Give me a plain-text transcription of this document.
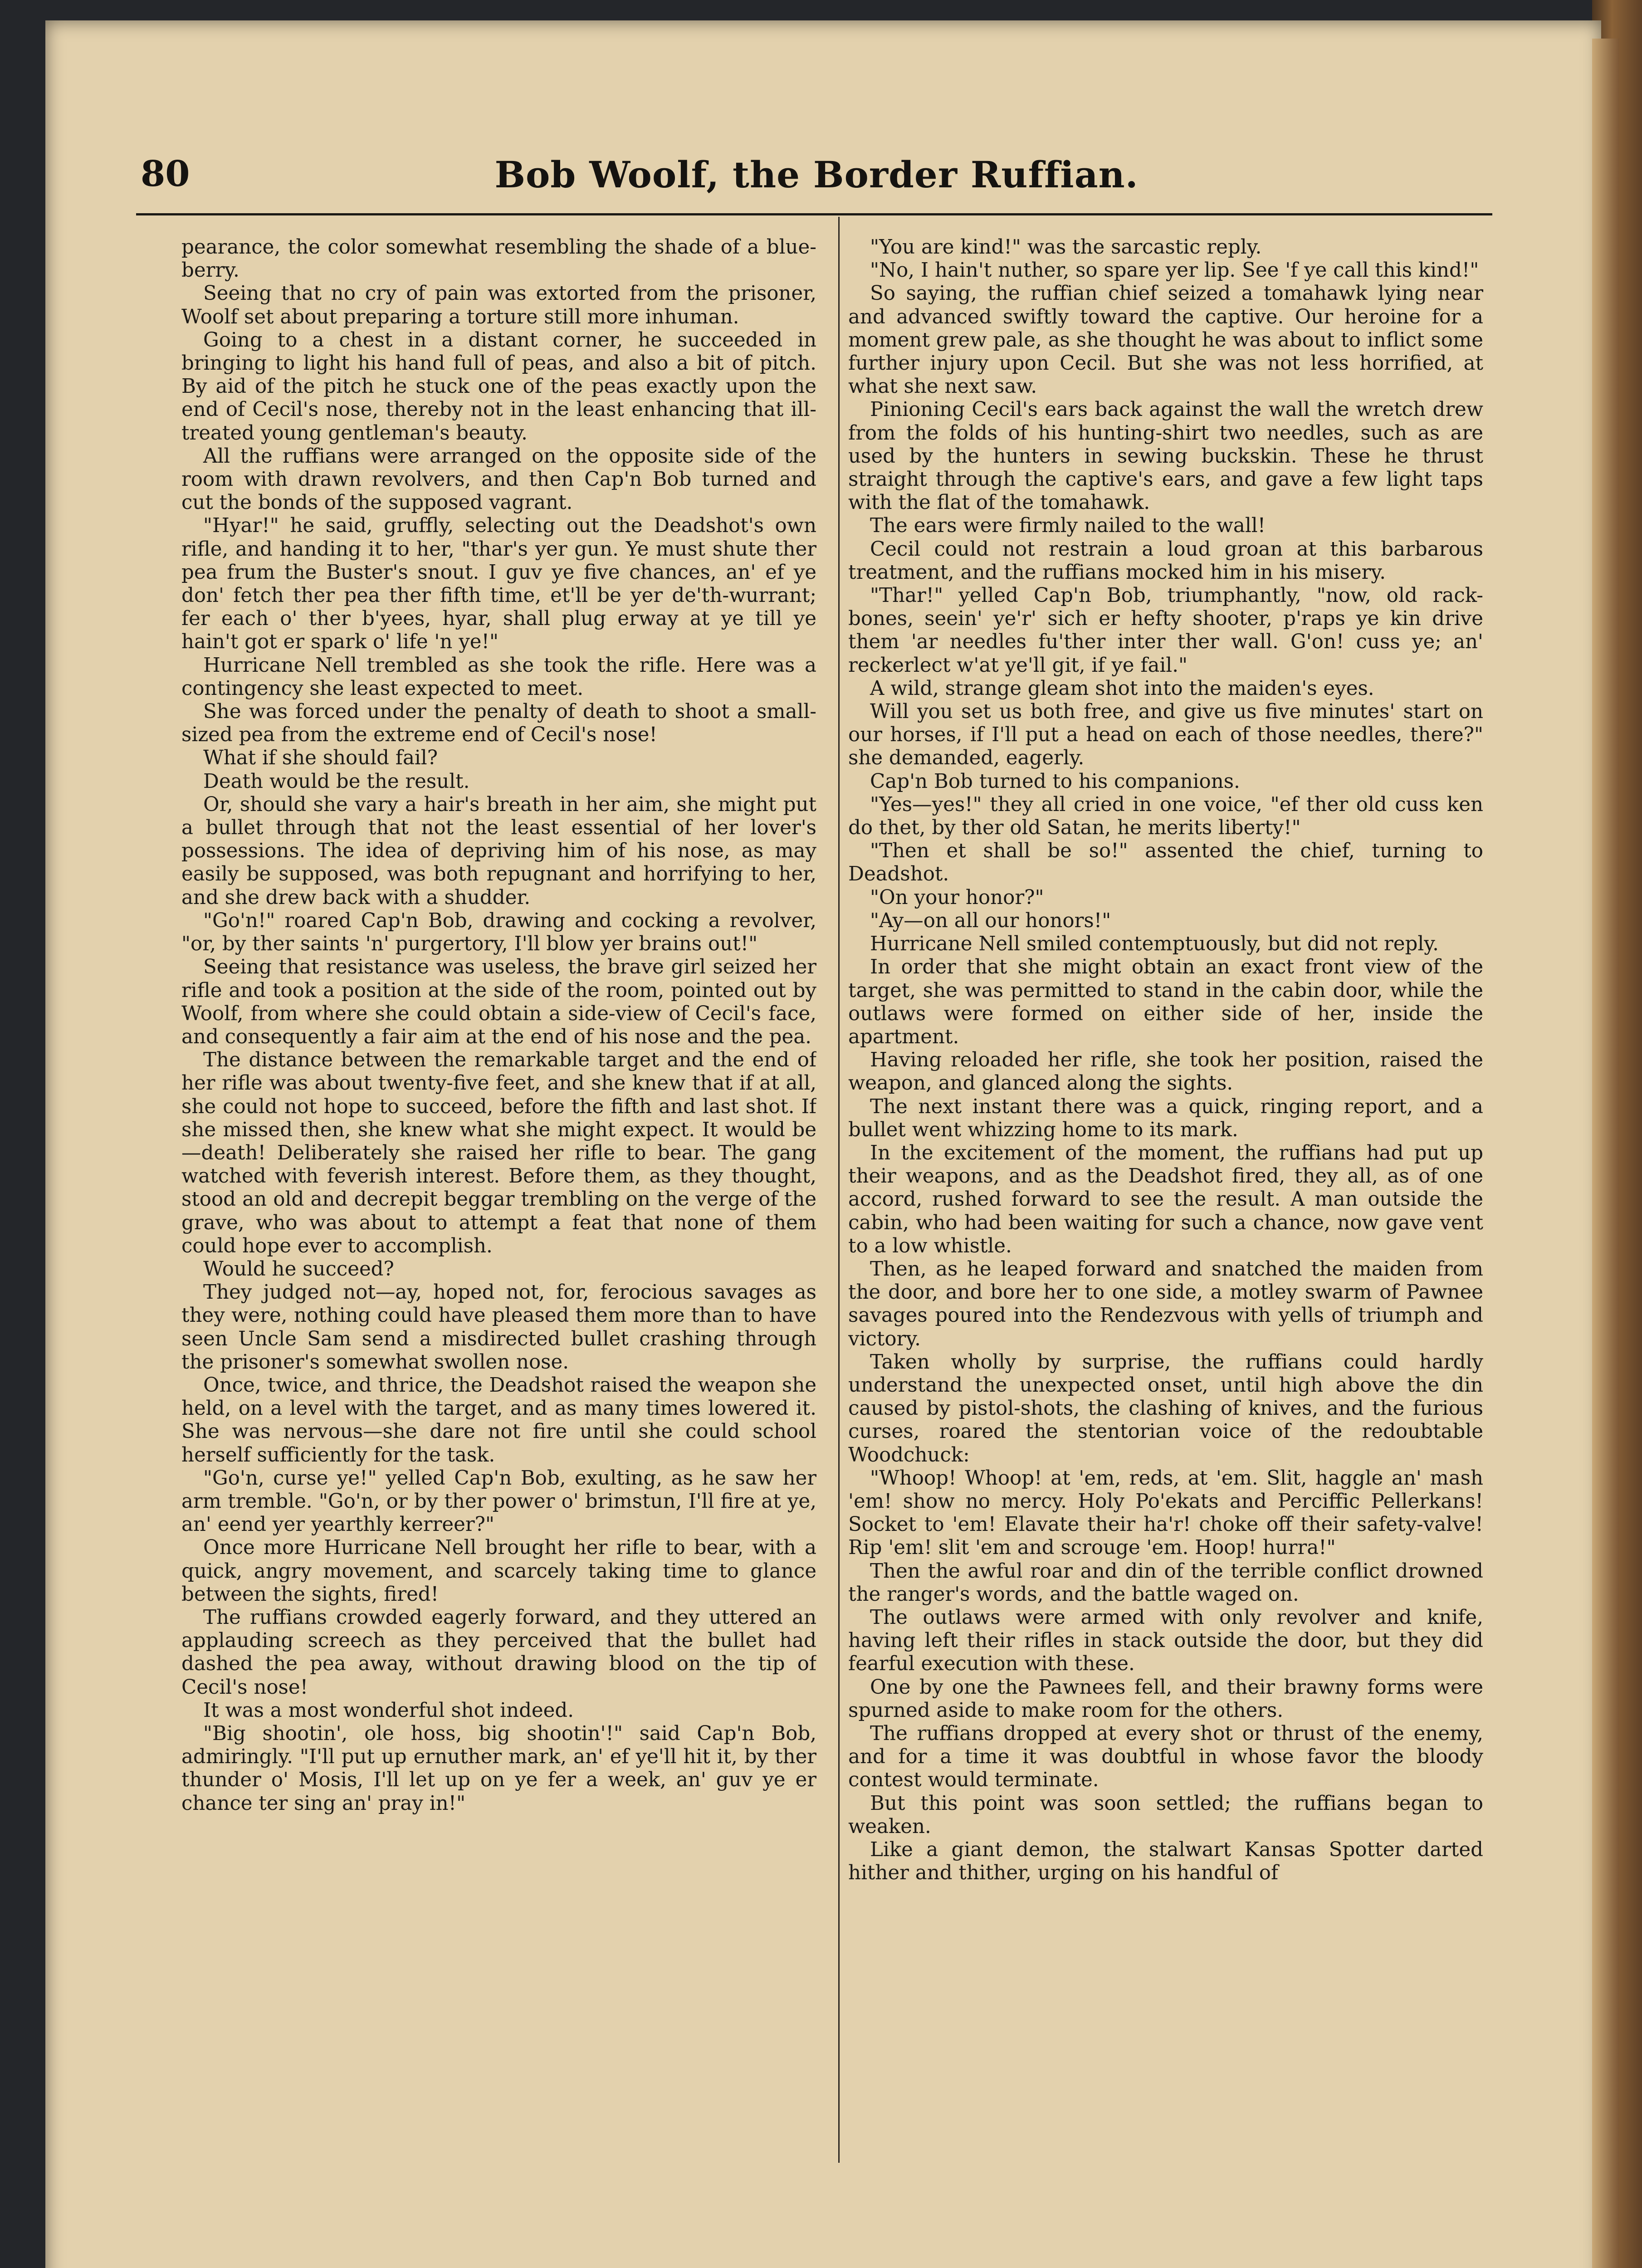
80	Bob Woolf, the Border Ruffian.

pearance, the color somewhat resembling the shade of a blue-berry.

Seeing that no cry of pain was extorted from the prisoner, Woolf set about preparing a torture still more inhuman.

Going to a chest in a distant corner, he succeeded in bringing to light his hand full of peas, and also a bit of pitch. By aid of the pitch he stuck one of the peas exactly upon the end of Cecil's nose, thereby not in the least enhancing that ill-treated young gentleman's beauty.

All the ruffians were arranged on the opposite side of the room with drawn revolvers, and then Cap'n Bob turned and cut the bonds of the supposed vagrant.

"Hyar!" he said, gruffly, selecting out the Deadshot's own rifle, and handing it to her, "thar's yer gun. Ye must shute ther pea frum the Buster's snout. I guv ye five chances, an' ef ye don' fetch ther pea ther fifth time, et'll be yer de'th-wurrant; fer each o' ther b'yees, hyar, shall plug erway at ye till ye hain't got er spark o' life 'n ye!"

Hurricane Nell trembled as she took the rifle. Here was a contingency she least expected to meet.

She was forced under the penalty of death to shoot a small-sized pea from the extreme end of Cecil's nose!

What if she should fail?

Death would be the result.

Or, should she vary a hair's breath in her aim, she might put a bullet through that not the least essential of her lover's possessions. The idea of depriving him of his nose, as may easily be supposed, was both repugnant and horrifying to her, and she drew back with a shudder.

"Go'n!" roared Cap'n Bob, drawing and cocking a revolver, "or, by ther saints 'n' purgertory, I'll blow yer brains out!"

Seeing that resistance was useless, the brave girl seized her rifle and took a position at the side of the room, pointed out by Woolf, from where she could obtain a side-view of Cecil's face, and consequently a fair aim at the end of his nose and the pea.

The distance between the remarkable target and the end of her rifle was about twenty-five feet, and she knew that if at all, she could not hope to succeed, before the fifth and last shot. If she missed then, she knew what she might expect. It would be —death! Deliberately she raised her rifle to bear. The gang watched with feverish interest. Before them, as they thought, stood an old and decrepit beggar trembling on the verge of the grave, who was about to attempt a feat that none of them could hope ever to accomplish.

Would he succeed?

They judged not—ay, hoped not, for, ferocious savages as they were, nothing could have pleased them more than to have seen Uncle Sam send a misdirected bullet crashing through the prisoner's somewhat swollen nose.

Once, twice, and thrice, the Deadshot raised the weapon she held, on a level with the target, and as many times lowered it. She was nervous—she dare not fire until she could school herself sufficiently for the task.

"Go'n, curse ye!" yelled Cap'n Bob, exulting, as he saw her arm tremble. "Go'n, or by ther power o' brimstun, I'll fire at ye, an' eend yer yearthly kerreer?"

Once more Hurricane Nell brought her rifle to bear, with a quick, angry movement, and scarcely taking time to glance between the sights, fired!

The ruffians crowded eagerly forward, and they uttered an applauding screech as they perceived that the bullet had dashed the pea away, without drawing blood on the tip of Cecil's nose!

It was a most wonderful shot indeed.

"Big shootin', ole hoss, big shootin'!" said Cap'n Bob, admiringly. "I'll put up ernuther mark, an' ef ye'll hit it, by ther thunder o' Mosis, I'll let up on ye fer a week, an' guv ye er chance ter sing an' pray in!"

"You are kind!" was the sarcastic reply.

"No, I hain't nuther, so spare yer lip. See 'f ye call this kind!"

So saying, the ruffian chief seized a tomahawk lying near and advanced swiftly toward the captive. Our heroine for a moment grew pale, as she thought he was about to inflict some further injury upon Cecil. But she was not less horrified, at what she next saw.

Pinioning Cecil's ears back against the wall the wretch drew from the folds of his hunting-shirt two needles, such as are used by the hunters in sewing buckskin. These he thrust straight through the captive's ears, and gave a few light taps with the flat of the tomahawk.

The ears were firmly nailed to the wall!

Cecil could not restrain a loud groan at this barbarous treatment, and the ruffians mocked him in his misery.

"Thar!" yelled Cap'n Bob, triumphantly, "now, old rack-bones, seein' ye'r' sich er hefty shooter, p'raps ye kin drive them 'ar needles fu'ther inter ther wall. G'on! cuss ye; an' reckerlect w'at ye'll git, if ye fail."

A wild, strange gleam shot into the maiden's eyes.

Will you set us both free, and give us five minutes' start on our horses, if I'll put a head on each of those needles, there?" she demanded, eagerly.

Cap'n Bob turned to his companions.

"Yes—yes!" they all cried in one voice, "ef ther old cuss ken do thet, by ther old Satan, he merits liberty!"

"Then et shall be so!" assented the chief, turning to Deadshot.

"On your honor?"

"Ay—on all our honors!"

Hurricane Nell smiled contemptuously, but did not reply.

In order that she might obtain an exact front view of the target, she was permitted to stand in the cabin door, while the outlaws were formed on either side of her, inside the apartment.

Having reloaded her rifle, she took her position, raised the weapon, and glanced along the sights.

The next instant there was a quick, ringing report, and a bullet went whizzing home to its mark.

In the excitement of the moment, the ruffians had put up their weapons, and as the Deadshot fired, they all, as of one accord, rushed forward to see the result. A man outside the cabin, who had been waiting for such a chance, now gave vent to a low whistle.

Then, as he leaped forward and snatched the maiden from the door, and bore her to one side, a motley swarm of Pawnee savages poured into the Rendezvous with yells of triumph and victory.

Taken wholly by surprise, the ruffians could hardly understand the unexpected onset, until high above the din caused by pistol-shots, the clashing of knives, and the furious curses, roared the stentorian voice of the redoubtable Woodchuck:

"Whoop! Whoop! at 'em, reds, at 'em. Slit, haggle an' mash 'em! show no mercy. Holy Po'ekats and Perciffic Pellerkans! Socket to 'em! Elavate their ha'r! choke off their safety-valve! Rip 'em! slit 'em and scrouge 'em. Hoop! hurra!"

Then the awful roar and din of the terrible conflict drowned the ranger's words, and the battle waged on.

The outlaws were armed with only revolver and knife, having left their rifles in stack outside the door, but they did fearful execution with these.

One by one the Pawnees fell, and their brawny forms were spurned aside to make room for the others.

The ruffians dropped at every shot or thrust of the enemy, and for a time it was doubtful in whose favor the bloody contest would terminate.

But this point was soon settled; the ruffians began to weaken.

Like a giant demon, the stalwart Kansas Spotter darted hither and thither, urging on his handful of
